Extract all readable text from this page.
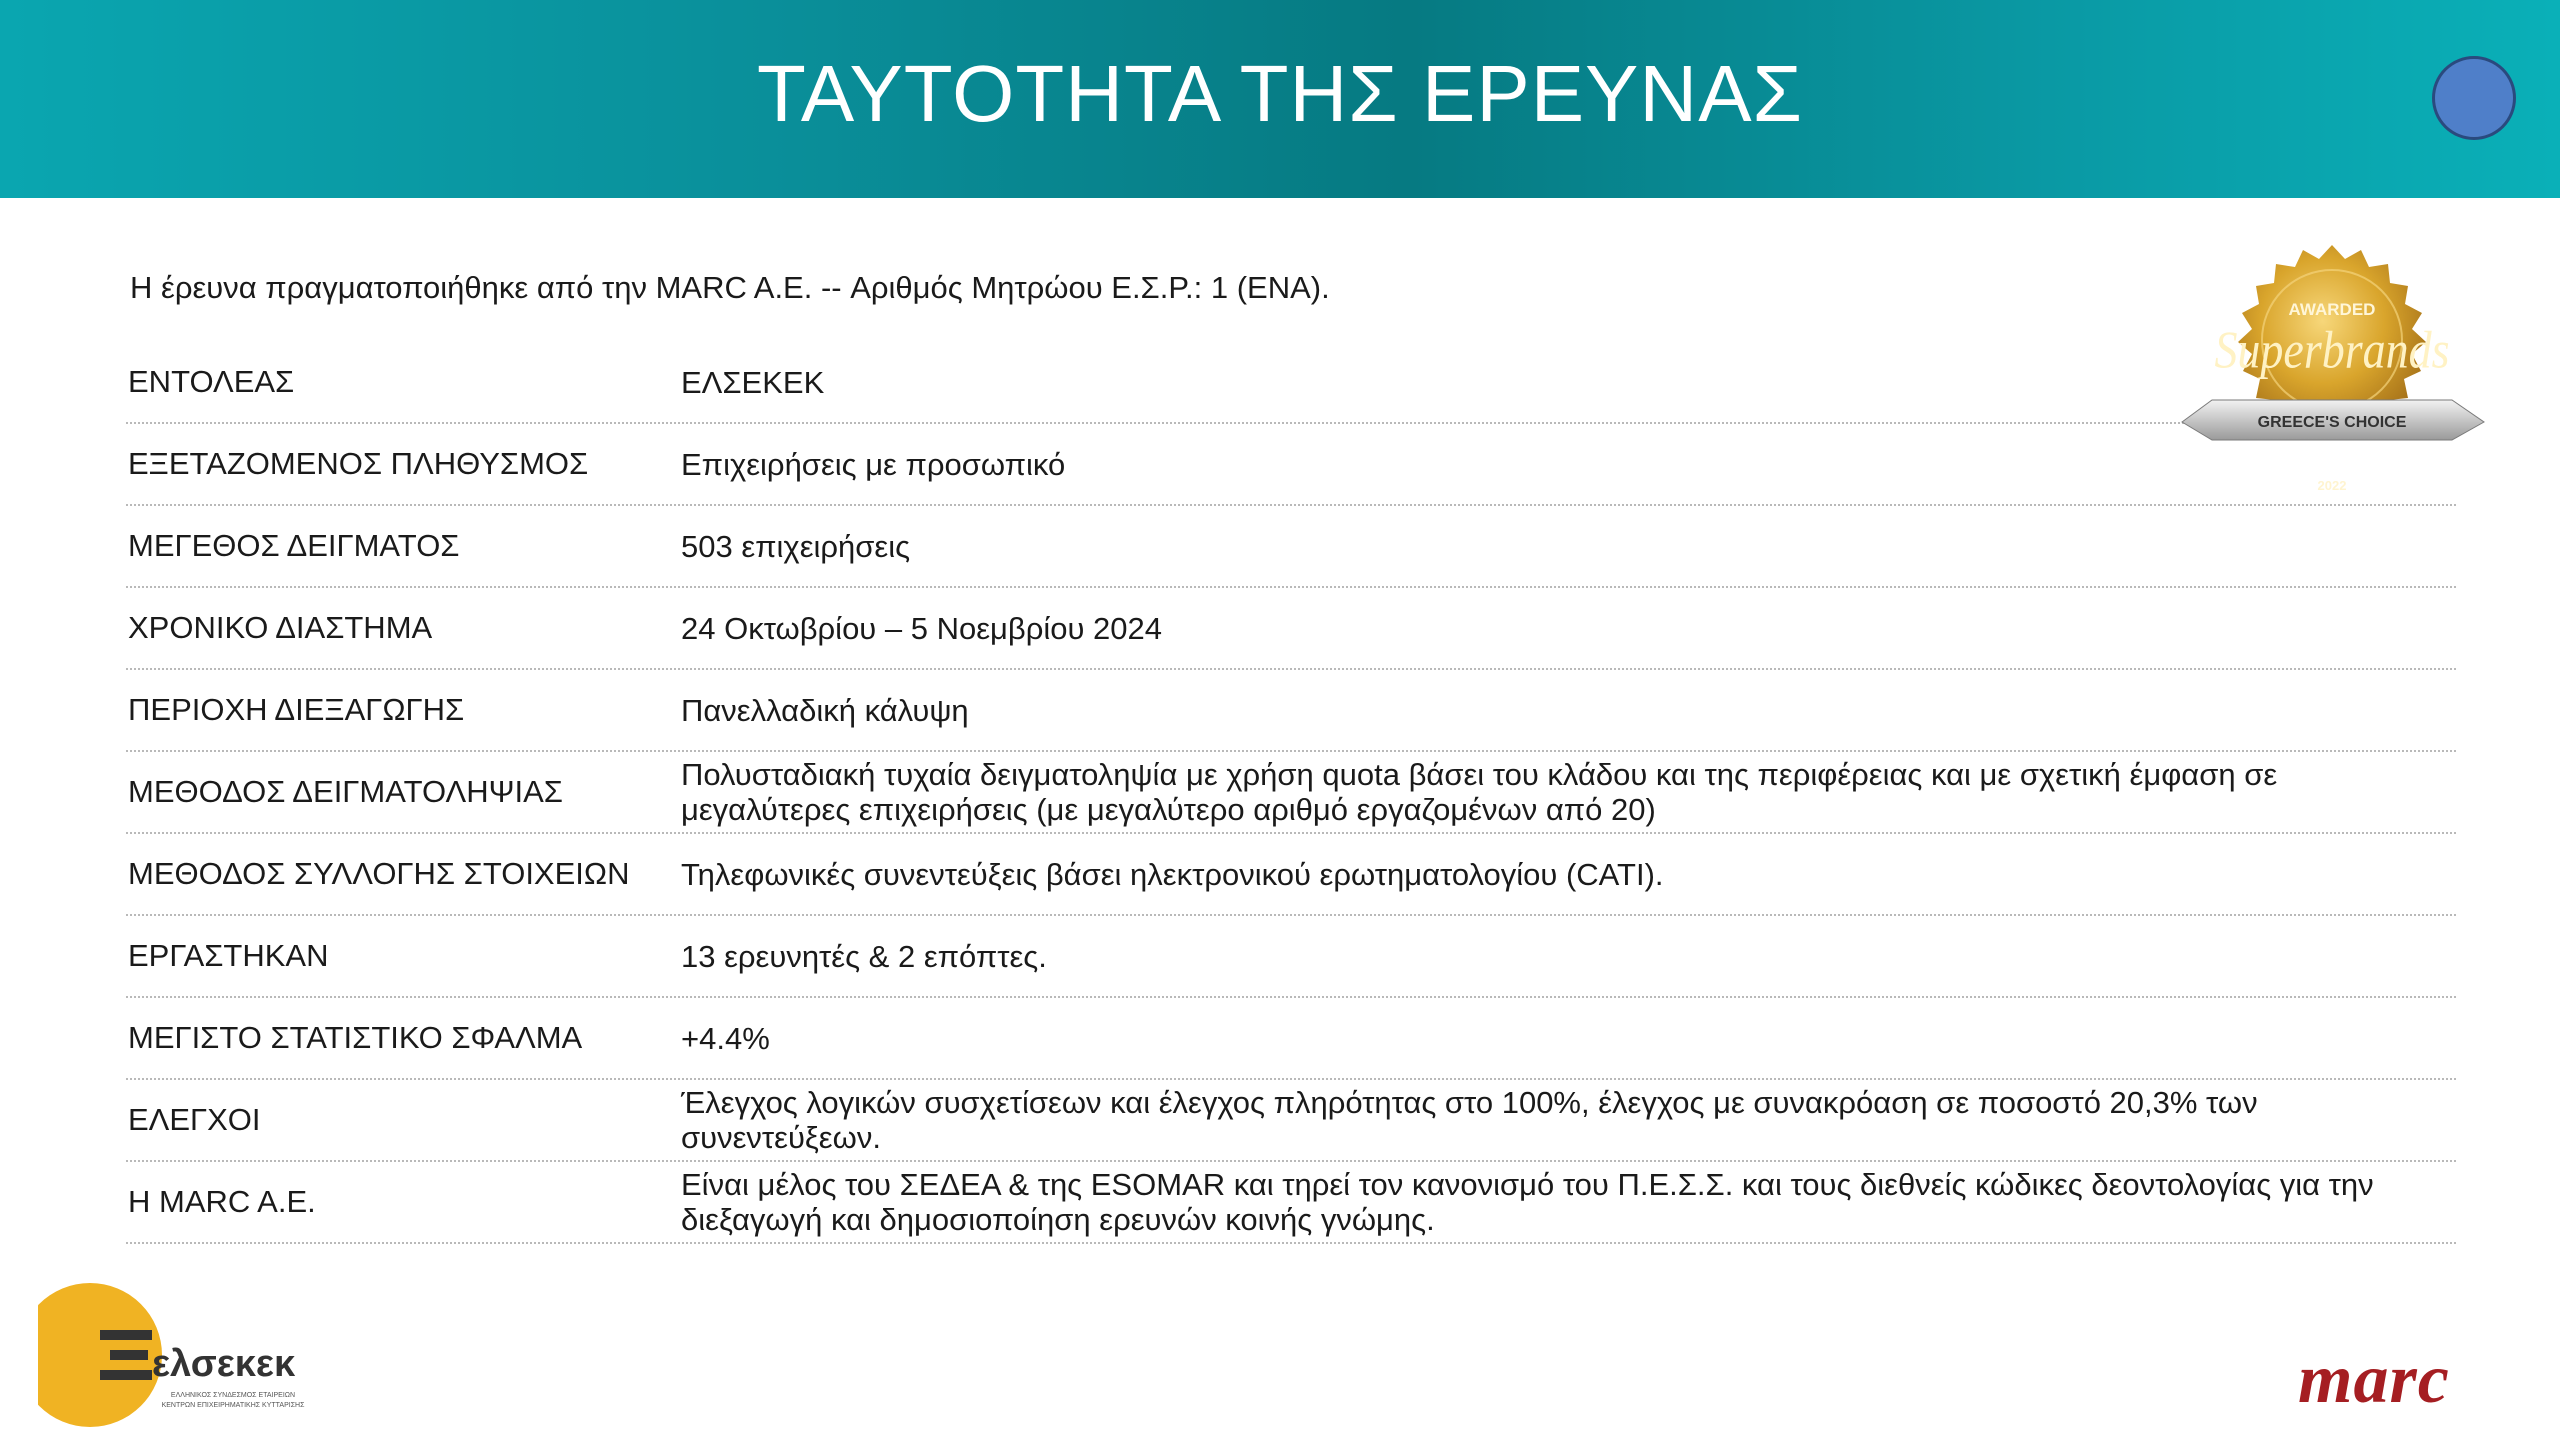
ΤΑΥΤΟΤΗΤΑ ΤΗΣ ΕΡΕΥΝΑΣ
Η έρευνα πραγματοποιήθηκε από την MARC A.E. -- Αριθμός Μητρώου Ε.Σ.Ρ.: 1 (ΕΝΑ).
ΕΝΤΟΛΕΑΣ	ΕΛΣΕΚΕΚ
ΕΞΕΤΑΖΟΜΕΝΟΣ ΠΛΗΘΥΣΜΟΣ	Επιχειρήσεις με προσωπικό
ΜΕΓΕΘΟΣ ΔΕΙΓΜΑΤΟΣ	503 επιχειρήσεις
ΧΡΟΝΙΚΟ ΔΙΑΣΤΗΜΑ	24 Οκτωβρίου – 5 Νοεμβρίου 2024
ΠΕΡΙΟΧΗ ΔΙΕΞΑΓΩΓΗΣ	Πανελλαδική κάλυψη
ΜΕΘΟΔΟΣ ΔΕΙΓΜΑΤΟΛΗΨΙΑΣ	Πολυσταδιακή τυχαία δειγματοληψία με χρήση quota βάσει του κλάδου και της περιφέρειας και με σχετική έμφαση σε μεγαλύτερες επιχειρήσεις (με μεγαλύτερο αριθμό εργαζομένων από 20)
ΜΕΘΟΔΟΣ ΣΥΛΛΟΓΗΣ ΣΤΟΙΧΕΙΩΝ	Τηλεφωνικές συνεντεύξεις βάσει ηλεκτρονικού ερωτηματολογίου (CATI).
ΕΡΓΑΣΤΗΚΑΝ	13 ερευνητές & 2 επόπτες.
ΜΕΓΙΣΤΟ ΣΤΑΤΙΣΤΙΚΟ ΣΦΑΛΜΑ	+4.4%
ΕΛΕΓΧΟΙ	Έλεγχος λογικών συσχετίσεων και έλεγχος πληρότητας στο 100%, έλεγχος με συνακρόαση σε ποσοστό 20,3% των συνεντεύξεων.
Η MARC A.E.	Είναι μέλος του ΣΕΔΕΑ & της ESOMAR και τηρεί τον κανονισμό του Π.Ε.Σ.Σ. και τους διεθνείς κώδικες δεοντολογίας για την διεξαγωγή και δημοσιοποίηση ερευνών κοινής γνώμης.
AWARDED
Superbrands
GREECE'S CHOICE
2022
ελσεκεκ
ΕΛΛΗΝΙΚΟΣ ΣΥΝΔΕΣΜΟΣ ΕΤΑΙΡΕΙΩΝ
ΚΕΝΤΡΩΝ ΕΠΙΧΕΙΡΗΜΑΤΙΚΗΣ ΚΥΤΤΑΡΙΣΗΣ	marc
